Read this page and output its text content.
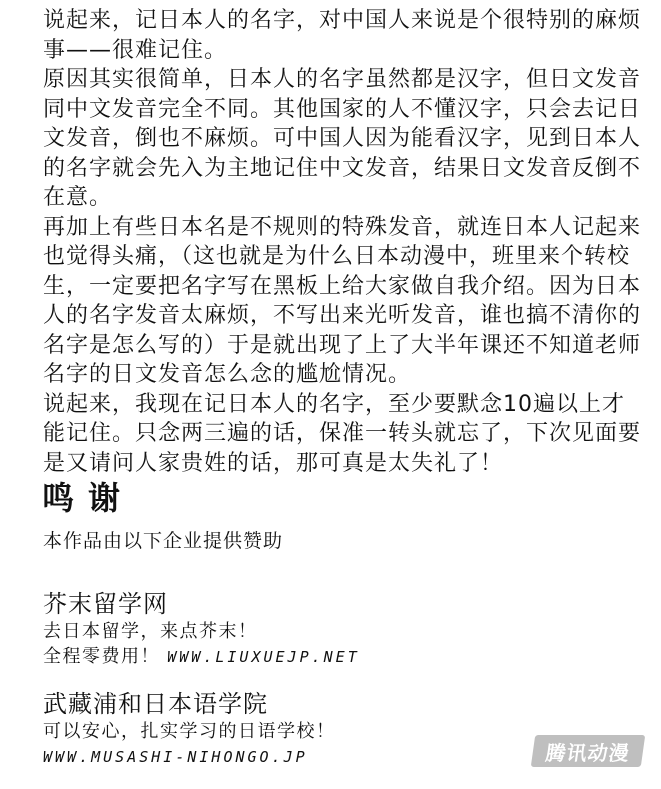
说起来，记日本人的名字，对中国人来说是个很特别的麻烦事——很难记住。

原因其实很简单，日本人的名字虽然都是汉字，但日文发音同中文发音完全不同。其他国家的人不懂汉字，只会去记日文发音，倒也不麻烦。可中国人因为能看汉字，见到日本人的名字就会先入为主地记住中文发音，结果日文发音反倒不在意。

再加上有些日本名是不规则的特殊发音，就连日本人记起来也觉得头痛，（这也就是为什么日本动漫中，班里来个转校生，一定要把名字写在黑板上给大家做自我介绍。因为日本人的名字发音太麻烦，不写出来光听发音，谁也搞不清你的名字是怎么写的）于是就出现了上了大半年课还不知道老师名字的日文发音怎么念的尴尬情况。

说起来，我现在记日本人的名字，至少要默念10遍以上才能记住。只念两三遍的话，保准一转头就忘了，下次见面要是又请问人家贵姓的话，那可真是太失礼了！

鸣谢

本作品由以下企业提供赞助

芥末留学网

去日本留学，来点芥末！

全程零费用！ WWW.LIUXUEJP.NET

武藏浦和日本语学院

可以安心，扎实学习的日语学校！

WWW.MUSASHI-NIHONGO.JP	腾讯动漫
